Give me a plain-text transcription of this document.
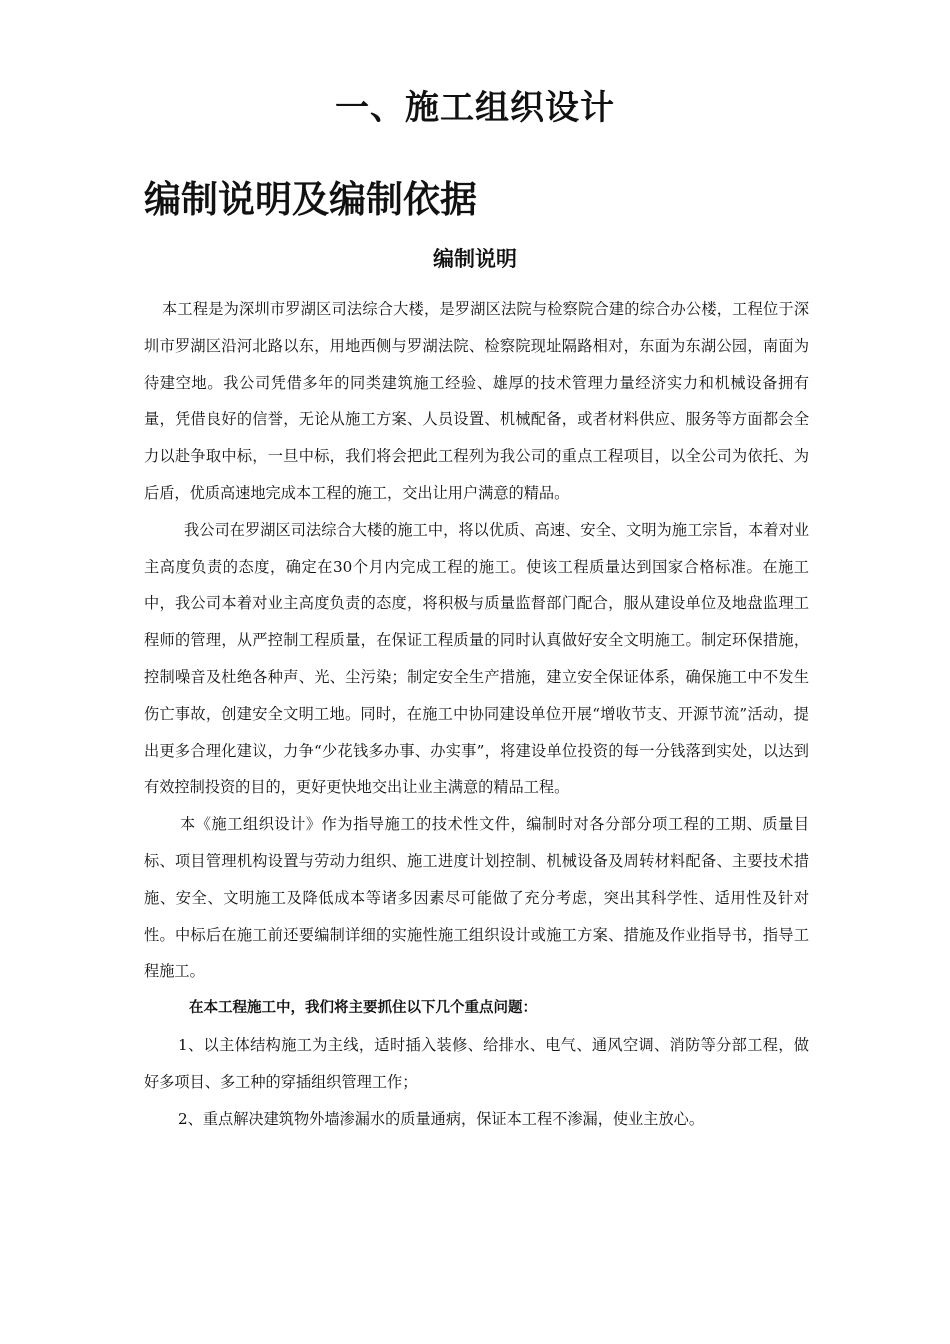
一、施工组织设计
编制说明及编制依据
编制说明

本工程是为深圳市罗湖区司法综合大楼，是罗湖区法院与检察院合建的综合办公楼，工程位于深圳市罗湖区沿河北路以东，用地西侧与罗湖法院、检察院现址隔路相对，东面为东湖公园，南面为待建空地。我公司凭借多年的同类建筑施工经验、雄厚的技术管理力量经济实力和机械设备拥有量，凭借良好的信誉，无论从施工方案、人员设置、机械配备，或者材料供应、服务等方面都会全力以赴争取中标，一旦中标，我们将会把此工程列为我公司的重点工程项目，以全公司为依托、为后盾，优质高速地完成本工程的施工，交出让用户满意的精品。

我公司在罗湖区司法综合大楼的施工中，将以优质、高速、安全、文明为施工宗旨，本着对业主高度负责的态度，确定在30个月内完成工程的施工。使该工程质量达到国家合格标准。在施工中，我公司本着对业主高度负责的态度，将积极与质量监督部门配合，服从建设单位及地盘监理工程师的管理，从严控制工程质量，在保证工程质量的同时认真做好安全文明施工。制定环保措施，控制噪音及杜绝各种声、光、尘污染；制定安全生产措施，建立安全保证体系，确保施工中不发生伤亡事故，创建安全文明工地。同时，在施工中协同建设单位开展“增收节支、开源节流”活动，提出更多合理化建议，力争“少花钱多办事、办实事”，将建设单位投资的每一分钱落到实处，以达到有效控制投资的目的，更好更快地交出让业主满意的精品工程。

本《施工组织设计》作为指导施工的技术性文件，编制时对各分部分项工程的工期、质量目标、项目管理机构设置与劳动力组织、施工进度计划控制、机械设备及周转材料配备、主要技术措施、安全、文明施工及降低成本等诸多因素尽可能做了充分考虑，突出其科学性、适用性及针对性。中标后在施工前还要编制详细的实施性施工组织设计或施工方案、措施及作业指导书，指导工程施工。

在本工程施工中，我们将主要抓住以下几个重点问题：

1、以主体结构施工为主线，适时插入装修、给排水、电气、通风空调、消防等分部工程，做好多项目、多工种的穿插组织管理工作；

2、重点解决建筑物外墙渗漏水的质量通病，保证本工程不渗漏，使业主放心。
